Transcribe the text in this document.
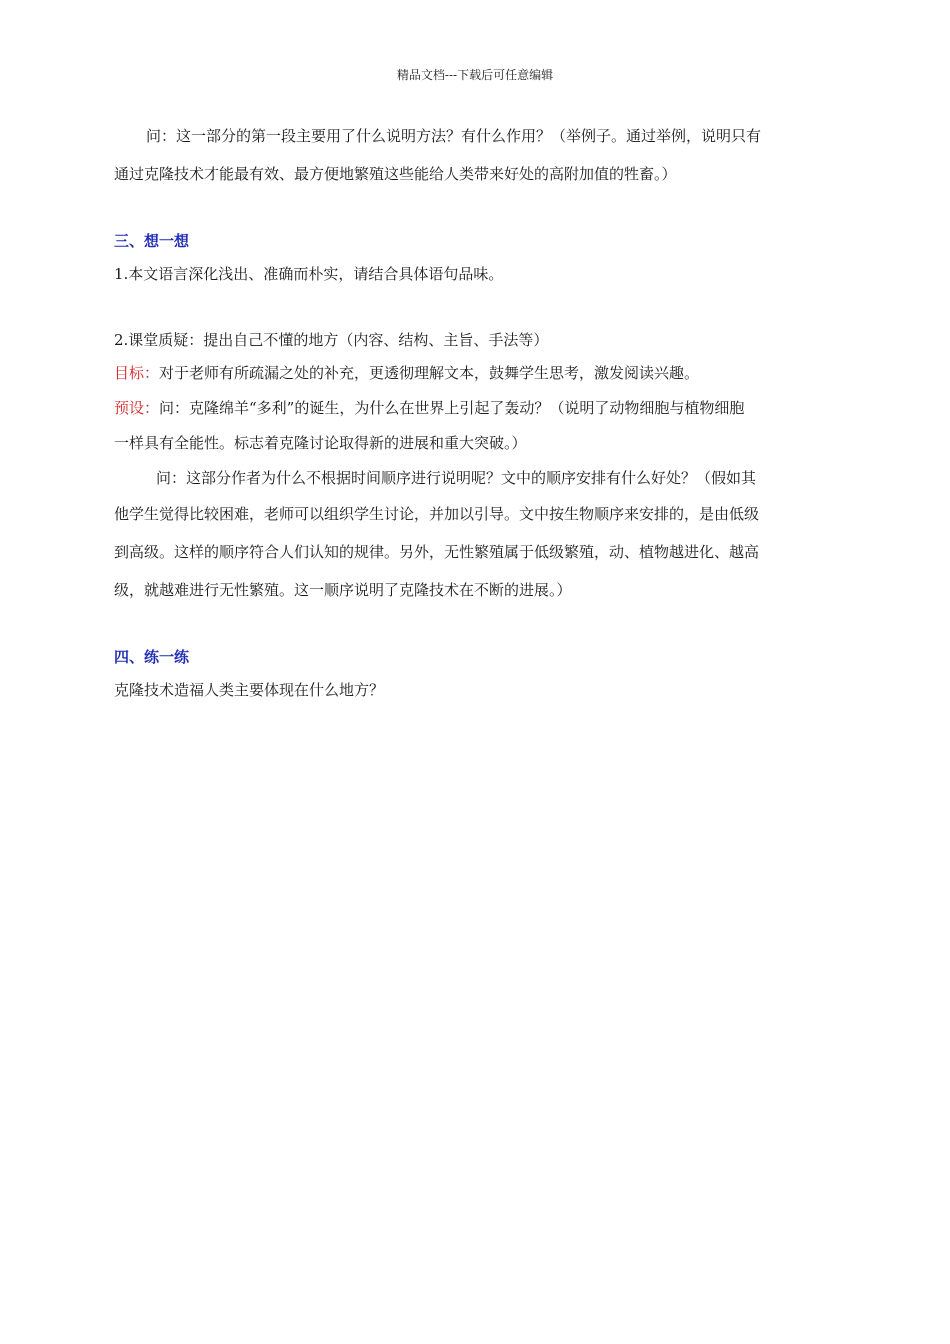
精品文档---下载后可任意编辑
问：这一部分的第一段主要用了什么说明方法？有什么作用？（举例子。通过举例，说明只有
通过克隆技术才能最有效、最方便地繁殖这些能给人类带来好处的高附加值的牲畜。）
三、想一想
1.本文语言深化浅出、准确而朴实，请结合具体语句品味。
2.课堂质疑：提出自己不懂的地方（内容、结构、主旨、手法等）
目标：对于老师有所疏漏之处的补充，更透彻理解文本，鼓舞学生思考，激发阅读兴趣。
预设：问：克隆绵羊“多利”的诞生，为什么在世界上引起了轰动？（说明了动物细胞与植物细胞
一样具有全能性。标志着克隆讨论取得新的进展和重大突破。）
问：这部分作者为什么不根据时间顺序进行说明呢？文中的顺序安排有什么好处？（假如其
他学生觉得比较困难，老师可以组织学生讨论，并加以引导。文中按生物顺序来安排的，是由低级
到高级。这样的顺序符合人们认知的规律。另外，无性繁殖属于低级繁殖，动、植物越进化、越高
级，就越难进行无性繁殖。这一顺序说明了克隆技术在不断的进展。）
四、练一练
克隆技术造福人类主要体现在什么地方？
